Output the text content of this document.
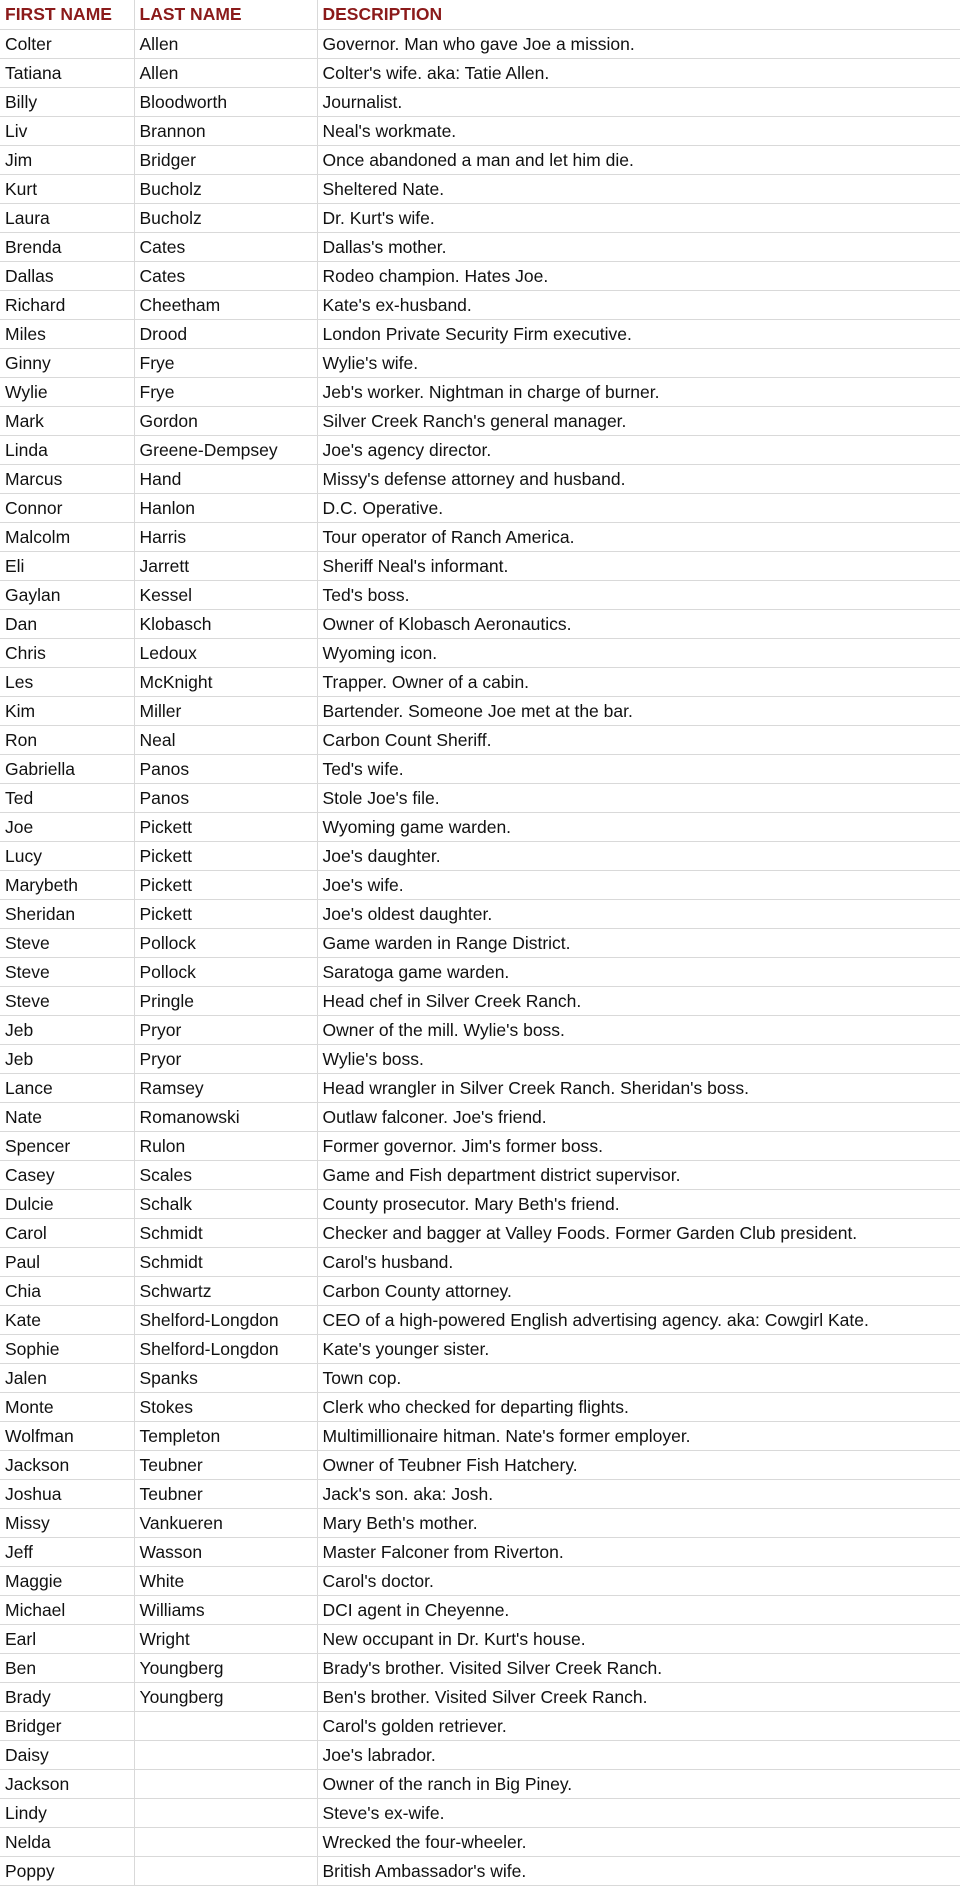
FIRST NAME	LAST NAME	DESCRIPTION
Colter	Allen	Governor. Man who gave Joe a mission.
Tatiana	Allen	Colter's wife. aka: Tatie Allen.
Billy	Bloodworth	Journalist.
Liv	Brannon	Neal's workmate.
Jim	Bridger	Once abandoned a man and let him die.
Kurt	Bucholz	Sheltered Nate.
Laura	Bucholz	Dr. Kurt's wife.
Brenda	Cates	Dallas's mother.
Dallas	Cates	Rodeo champion. Hates Joe.
Richard	Cheetham	Kate's ex-husband.
Miles	Drood	London Private Security Firm executive.
Ginny	Frye	Wylie's wife.
Wylie	Frye	Jeb's worker. Nightman in charge of burner.
Mark	Gordon	Silver Creek Ranch's general manager.
Linda	Greene-Dempsey	Joe's agency director.
Marcus	Hand	Missy's defense attorney and husband.
Connor	Hanlon	D.C. Operative.
Malcolm	Harris	Tour operator of Ranch America.
Eli	Jarrett	Sheriff Neal's informant.
Gaylan	Kessel	Ted's boss.
Dan	Klobasch	Owner of Klobasch Aeronautics.
Chris	Ledoux	Wyoming icon.
Les	McKnight	Trapper. Owner of a cabin.
Kim	Miller	Bartender. Someone Joe met at the bar.
Ron	Neal	Carbon Count Sheriff.
Gabriella	Panos	Ted's wife.
Ted	Panos	Stole Joe's file.
Joe	Pickett	Wyoming game warden.
Lucy	Pickett	Joe's daughter.
Marybeth	Pickett	Joe's wife.
Sheridan	Pickett	Joe's oldest daughter.
Steve	Pollock	Game warden in Range District.
Steve	Pollock	Saratoga game warden.
Steve	Pringle	Head chef in Silver Creek Ranch.
Jeb	Pryor	Owner of the mill. Wylie's boss.
Jeb	Pryor	Wylie's boss.
Lance	Ramsey	Head wrangler in Silver Creek Ranch. Sheridan's boss.
Nate	Romanowski	Outlaw falconer. Joe's friend.
Spencer	Rulon	Former governor. Jim's former boss.
Casey	Scales	Game and Fish department district supervisor.
Dulcie	Schalk	County prosecutor. Mary Beth's friend.
Carol	Schmidt	Checker and bagger at Valley Foods. Former Garden Club president.
Paul	Schmidt	Carol's husband.
Chia	Schwartz	Carbon County attorney.
Kate	Shelford-Longdon	CEO of a high-powered English advertising agency. aka: Cowgirl Kate.
Sophie	Shelford-Longdon	Kate's younger sister.
Jalen	Spanks	Town cop.
Monte	Stokes	Clerk who checked for departing flights.
Wolfman	Templeton	Multimillionaire hitman. Nate's former employer.
Jackson	Teubner	Owner of Teubner Fish Hatchery.
Joshua	Teubner	Jack's son. aka: Josh.
Missy	Vankueren	Mary Beth's mother.
Jeff	Wasson	Master Falconer from Riverton.
Maggie	White	Carol's doctor.
Michael	Williams	DCI agent in Cheyenne.
Earl	Wright	New occupant in Dr. Kurt's house.
Ben	Youngberg	Brady's brother. Visited Silver Creek Ranch.
Brady	Youngberg	Ben's brother. Visited Silver Creek Ranch.
Bridger		Carol's golden retriever.
Daisy		Joe's labrador.
Jackson		Owner of the ranch in Big Piney.
Lindy		Steve's ex-wife.
Nelda		Wrecked the four-wheeler.
Poppy		British Ambassador's wife.
